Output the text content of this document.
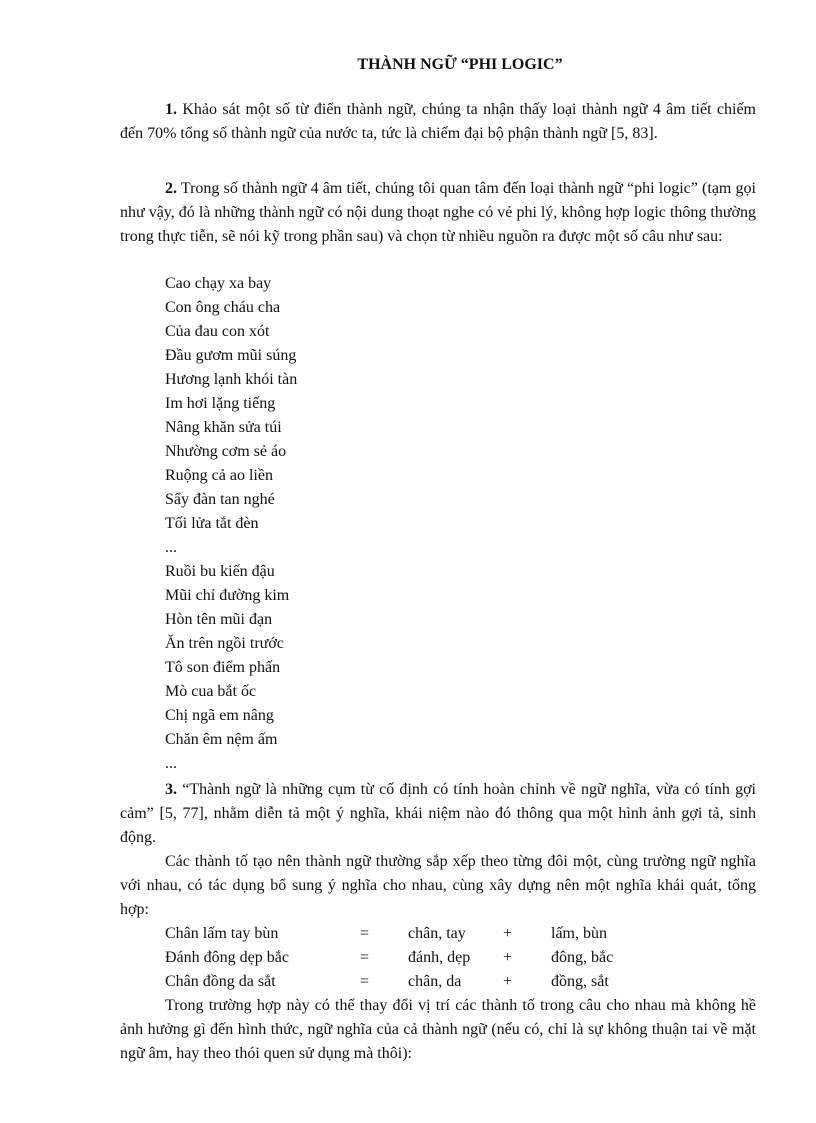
THÀNH NGỮ “PHI LOGIC”

1. Khảo sát một số từ điển thành ngữ, chúng ta nhận thấy loại thành ngữ 4 âm tiết chiếm đến 70% tổng số thành ngữ của nước ta, tức là chiếm đại bộ phận thành ngữ [5, 83].

2. Trong số thành ngữ 4 âm tiết, chúng tôi quan tâm đến loại thành ngữ “phi logic” (tạm gọi như vậy, đó là những thành ngữ có nội dung thoạt nghe có vẻ phi lý, không hợp logic thông thường trong thực tiễn, sẽ nói kỹ trong phần sau) và chọn từ nhiều nguồn ra được một số câu như sau:

Cao chạy xa bay
Con ông cháu cha
Của đau con xót
Đầu gươm mũi súng
Hương lạnh khói tàn
Im hơi lặng tiếng
Nâng khăn sửa túi
Nhường cơm sẻ áo
Ruộng cả ao liền
Sẩy đàn tan nghé
Tối lửa tắt đèn
...
Ruồi bu kiến đậu
Mũi chỉ đường kim
Hòn tên mũi đạn
Ăn trên ngồi trước
Tô son điểm phấn
Mò cua bắt ốc
Chị ngã em nâng
Chăn êm nệm ấm
...

3. “Thành ngữ là những cụm từ cố định có tính hoàn chỉnh về ngữ nghĩa, vừa có tính gợi cảm” [5, 77], nhằm diễn tả một ý nghĩa, khái niệm nào đó thông qua một hình ảnh gợi tả, sinh động.

Các thành tố tạo nên thành ngữ thường sắp xếp theo từng đôi một, cùng trường ngữ nghĩa với nhau, có tác dụng bổ sung ý nghĩa cho nhau, cùng xây dựng nên một nghĩa khái quát, tổng hợp:

Chân lấm tay bùn	= chân, tay + lấm, bùn
Đánh đông dẹp bắc	= đánh, dẹp + đông, bắc
Chân đồng da sắt	= chân, da	+ đồng, sắt

Trong trường hợp này có thể thay đổi vị trí các thành tố trong câu cho nhau mà không hề ảnh hưởng gì đến hình thức, ngữ nghĩa của cả thành ngữ (nếu có, chỉ là sự không thuận tai về mặt ngữ âm, hay theo thói quen sử dụng mà thôi):
